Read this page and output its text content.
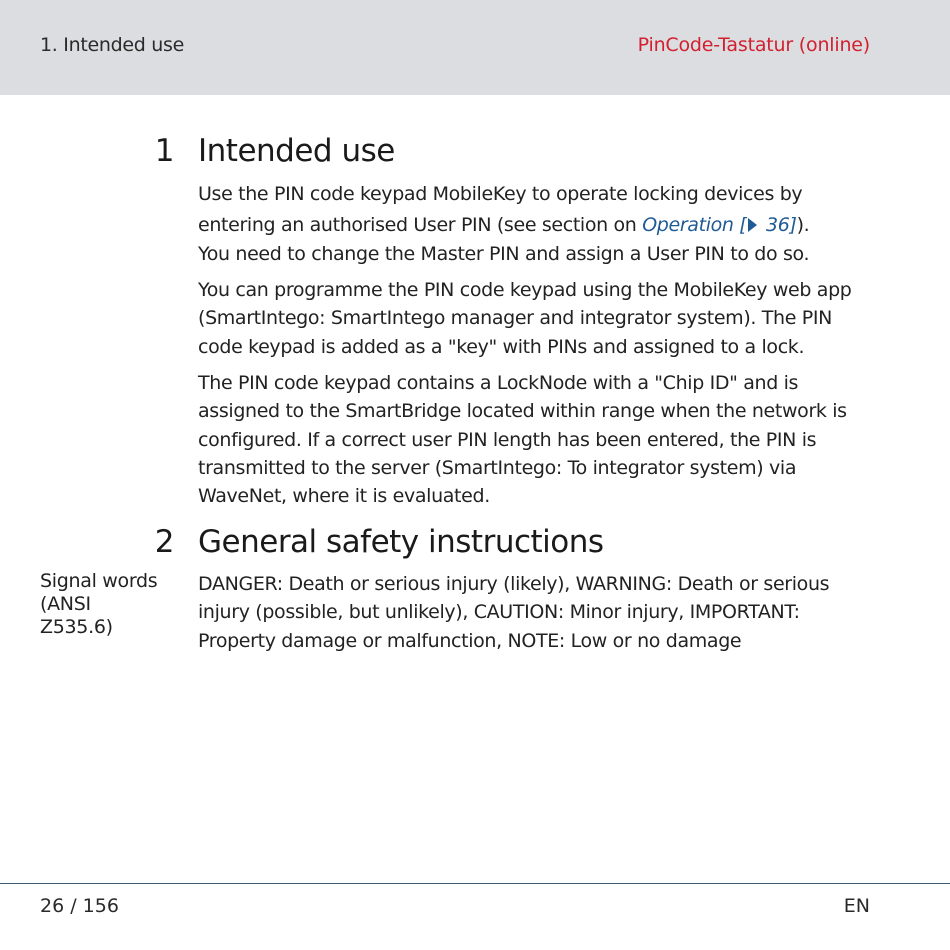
1. Intended use	PinCode-Tastatur (online)
1 Intended use

Use the PIN code keypad MobileKey to operate locking devices by
entering an authorised User PIN (see section on Operation [ 36]).
You need to change the Master PIN and assign a User PIN to do so.

You can programme the PIN code keypad using the MobileKey web app
(SmartIntego: SmartIntego manager and integrator system). The PIN
code keypad is added as a "key" with PINs and assigned to a lock.

The PIN code keypad contains a LockNode with a "Chip ID" and is
assigned to the SmartBridge located within range when the network is
configured. If a correct user PIN length has been entered, the PIN is
transmitted to the server (SmartIntego: To integrator system) via
WaveNet, where it is evaluated.

2 General safety instructions
Signal words
(ANSI
Z535.6)

DANGER: Death or serious injury (likely), WARNING: Death or serious
injury (possible, but unlikely), CAUTION: Minor injury, IMPORTANT:
Property damage or malfunction, NOTE: Low or no damage

26 / 156	EN
